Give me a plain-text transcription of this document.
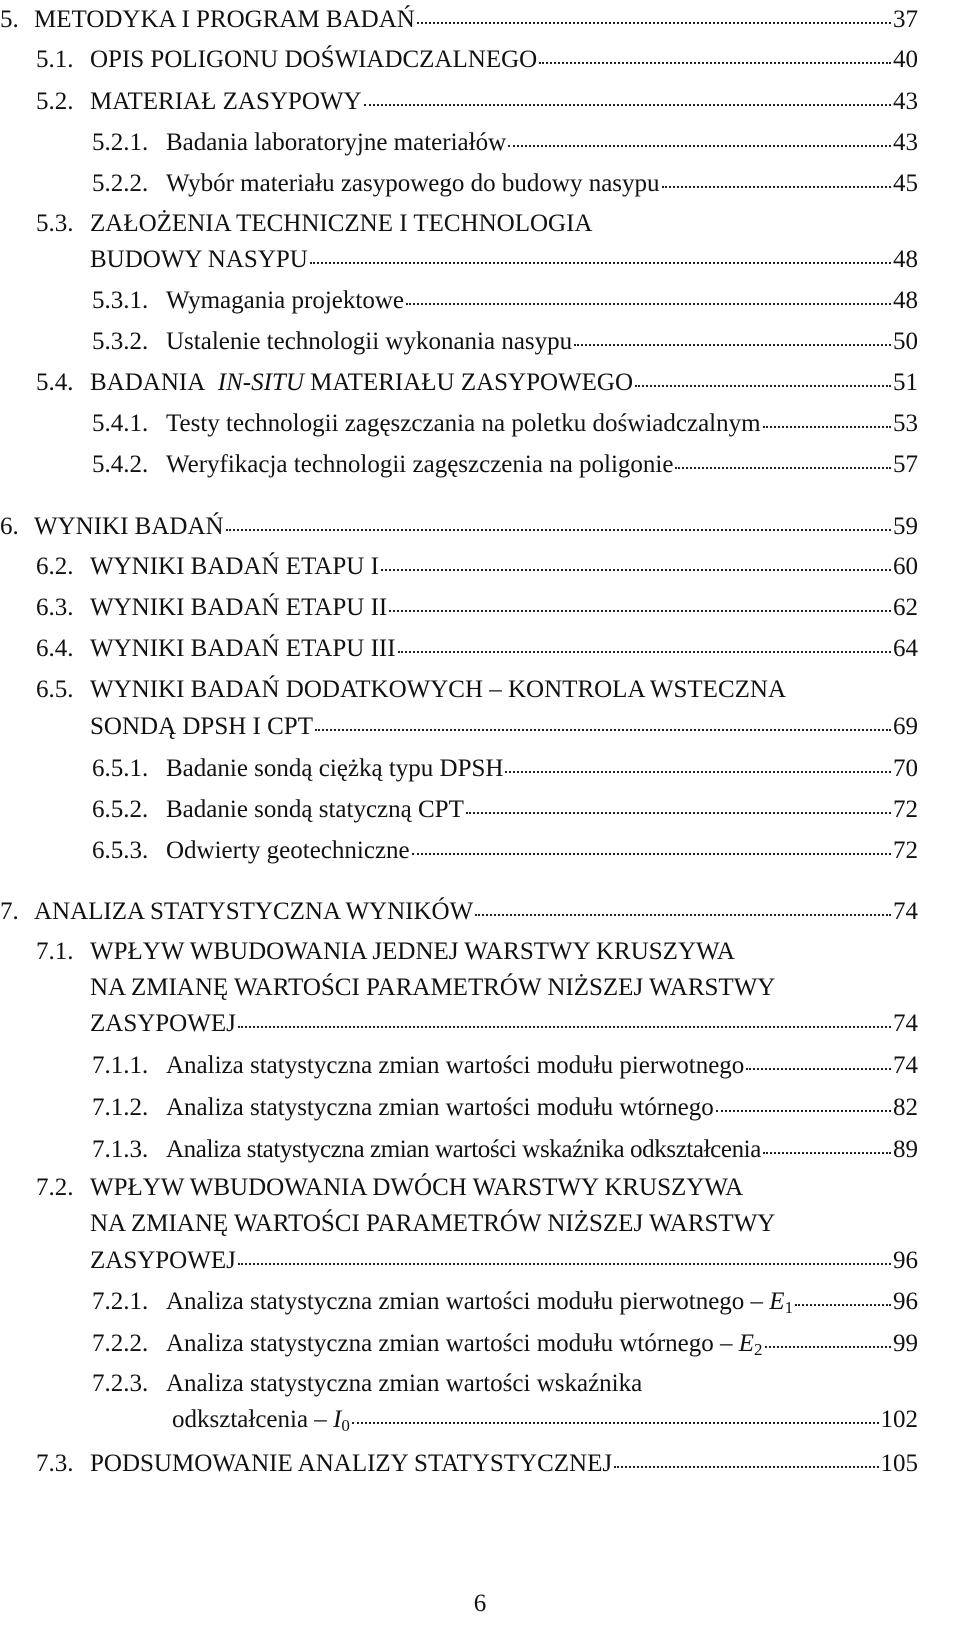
5. METODYKA I PROGRAM BADAŃ	37
5.1. OPIS POLIGONU DOŚWIADCZALNEGO	40
5.2. MATERIAŁ ZASYPOWY	43
5.2.1. Badania laboratoryjne materiałów	43
5.2.2. Wybór materiału zasypowego do budowy nasypu	45
5.3. ZAŁOŻENIA TECHNICZNE I TECHNOLOGIA
BUDOWY NASYPU	48
5.3.1. Wymagania projektowe	48
5.3.2. Ustalenie technologii wykonania nasypu	50
5.4. BADANIA IN-SITU MATERIAŁU ZASYPOWEGO	51
5.4.1. Testy technologii zagęszczania na poletku doświadczalnym	53
5.4.2. Weryfikacja technologii zagęszczenia na poligonie	57
6. WYNIKI BADAŃ	59
6.2. WYNIKI BADAŃ ETAPU I	60
6.3. WYNIKI BADAŃ ETAPU II	62
6.4. WYNIKI BADAŃ ETAPU III	64
6.5. WYNIKI BADAŃ DODATKOWYCH – KONTROLA WSTECZNA
SONDĄ DPSH I CPT	69
6.5.1. Badanie sondą ciężką typu DPSH	70
6.5.2. Badanie sondą statyczną CPT	72
6.5.3. Odwierty geotechniczne	72
7. ANALIZA STATYSTYCZNA WYNIKÓW	74
7.1. WPŁYW WBUDOWANIA JEDNEJ WARSTWY KRUSZYWA
NA ZMIANĘ WARTOŚCI PARAMETRÓW NIŻSZEJ WARSTWY
ZASYPOWEJ	74
7.1.1. Analiza statystyczna zmian wartości modułu pierwotnego	74
7.1.2. Analiza statystyczna zmian wartości modułu wtórnego	82
7.1.3. Analiza statystyczna zmian wartości wskaźnika odkształcenia	89
7.2. WPŁYW WBUDOWANIA DWÓCH WARSTWY KRUSZYWA
NA ZMIANĘ WARTOŚCI PARAMETRÓW NIŻSZEJ WARSTWY
ZASYPOWEJ	96
7.2.1. Analiza statystyczna zmian wartości modułu pierwotnego – $E_1$	96
7.2.2. Analiza statystyczna zmian wartości modułu wtórnego – $E_2$	99
7.2.3. Analiza statystyczna zmian wartości wskaźnika
odkształcenia – $I_0$	102
7.3. PODSUMOWANIE ANALIZY STATYSTYCZNEJ	105
6
